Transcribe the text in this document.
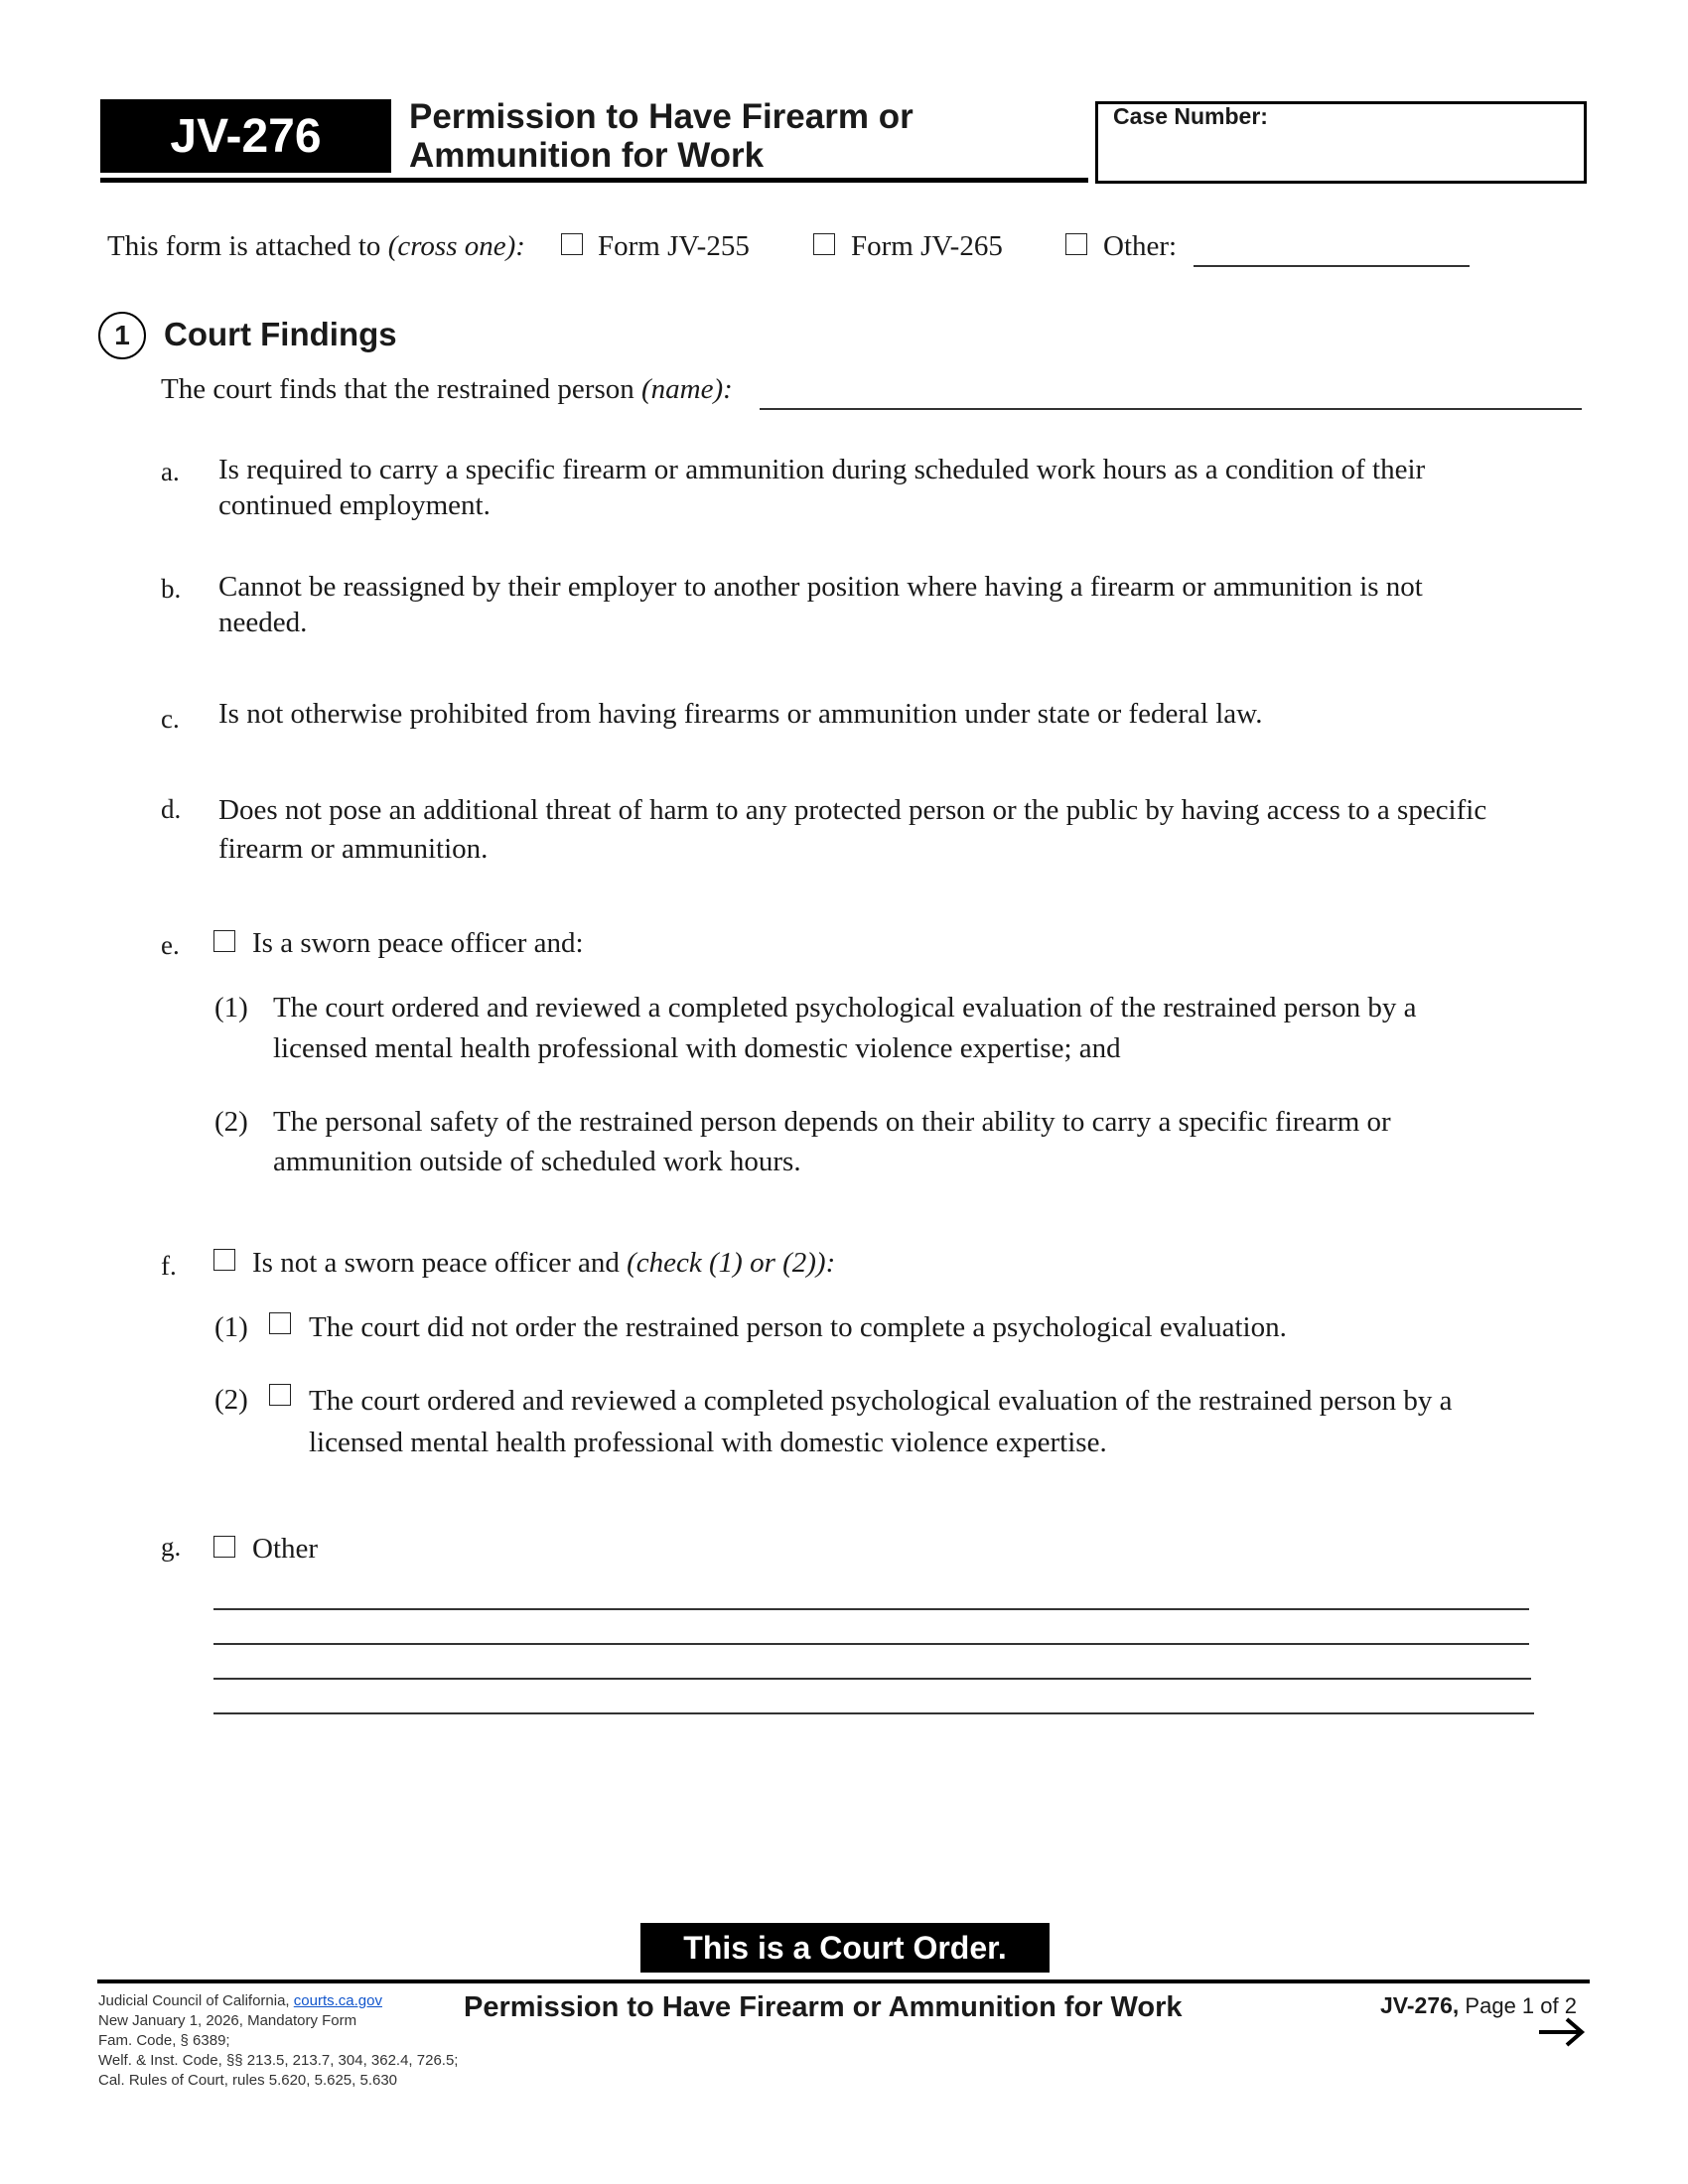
JV-276	Permission to Have Firearm or
Ammunition for Work
Case Number:
This form is attached to (cross one):	Form JV-255	Form JV-265	Other:
1	Court Findings
The court finds that the restrained person (name):
a. Is required to carry a specific firearm or ammunition during scheduled work hours as a condition of their
continued employment.
b. Cannot be reassigned by their employer to another position where having a firearm or ammunition is not
needed.
c. Is not otherwise prohibited from having firearms or ammunition under state or federal law.
d. Does not pose an additional threat of harm to any protected person or the public by having access to a specific
firearm or ammunition.
e.	Is a sworn peace officer and:
(1) The court ordered and reviewed a completed psychological evaluation of the restrained person by a
licensed mental health professional with domestic violence expertise; and
(2) The personal safety of the restrained person depends on their ability to carry a specific firearm or
ammunition outside of scheduled work hours.
f.	Is not a sworn peace officer and (check (1) or (2)):
(1) The court did not order the restrained person to complete a psychological evaluation.
(2) The court ordered and reviewed a completed psychological evaluation of the restrained person by a
licensed mental health professional with domestic violence expertise.
g. Other
This is a Court Order.
Judicial Council of California, courts.ca.gov
New January 1, 2026, Mandatory Form
Fam. Code, § 6389;
Welf. & Inst. Code, §§ 213.5, 213.7, 304, 362.4, 726.5;
Cal. Rules of Court, rules 5.620, 5.625, 5.630
Permission to Have Firearm or Ammunition for Work	JV-276, Page 1 of 2
